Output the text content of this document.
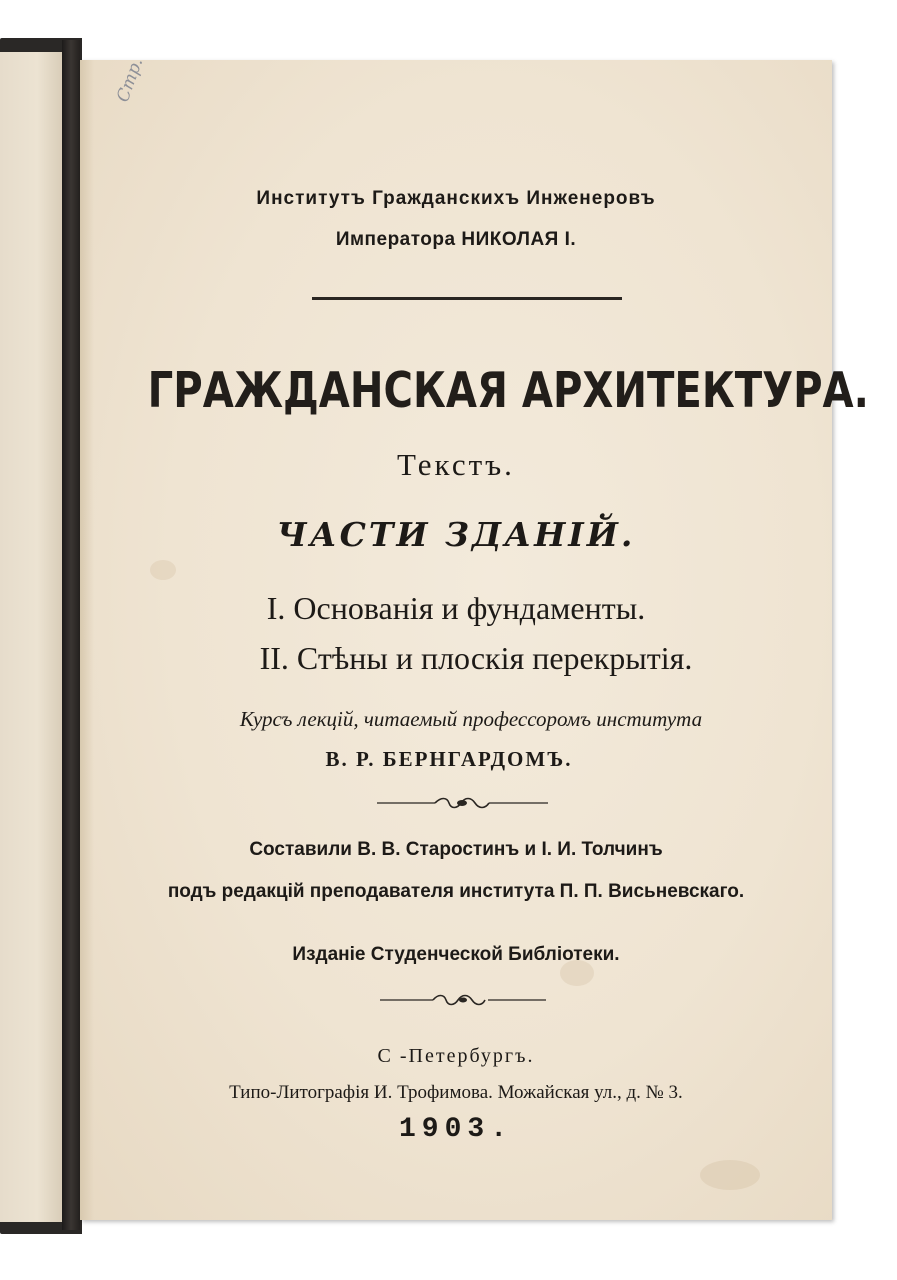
Стр.
Институтъ Гражданскихъ Инженеровъ
Императора НИКОЛАЯ I.
ГРАЖДАНСКАЯ АРХИТЕКТУРА.
Текстъ.
ЧАСТИ ЗДАНІЙ.
I. Основанія и фундаменты.
II. Стѣны и плоскія перекрытія.
Курсъ лекцій, читаемый профессоромъ института
В. Р. БЕРНГАРДОМЪ.
Составили В. В. Старостинъ и I. И. Толчинъ
подъ редакцій преподавателя института П. П. Висьневскаго.
Изданіе Студенческой Библіотеки.
С -Петербургъ.
Типо-Литографія И. Трофимова. Можайская ул., д. № 3.
1903.
